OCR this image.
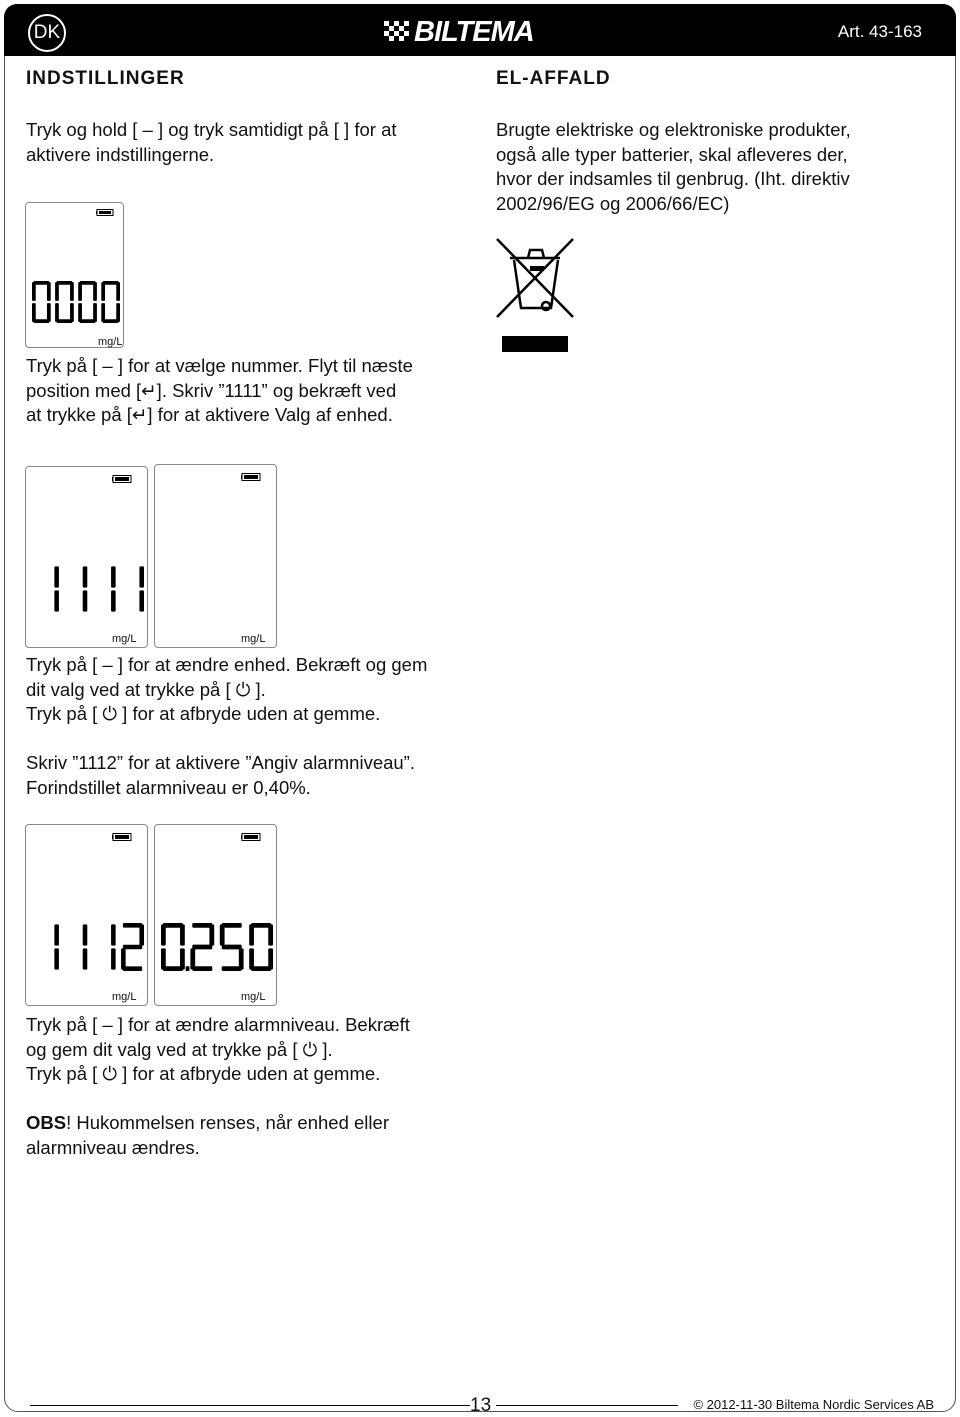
DK	BILTEMA	Art. 43-163
INDSTILLINGER

Tryk og hold [ – ] og tryk samtidigt på [ ] for at
aktivere indstillingerne.

mg/L

Tryk på [ – ] for at vælge nummer. Flyt til næste
position med [↵]. Skriv ”1111” og bekræft ved
at trykke på [↵] for at aktivere Valg af enhed.

mg/L	mg/L

Tryk på [ – ] for at ændre enhed. Bekræft og gem
dit valg ved at trykke på [ ⏻ ].
Tryk på [ ⏻ ] for at afbryde uden at gemme.

Skriv ”1112” for at aktivere ”Angiv alarmniveau”.
Forindstillet alarmniveau er 0,40%.

mg/L	mg/L

Tryk på [ – ] for at ændre alarmniveau. Bekræft
og gem dit valg ved at trykke på [ ⏻ ].
Tryk på [ ⏻ ] for at afbryde uden at gemme.

OBS! Hukommelsen renses, når enhed eller
alarmniveau ændres.

EL-AFFALD

Brugte elektriske og elektroniske produkter,
også alle typer batterier, skal afleveres der,
hvor der indsamles til genbrug. (Iht. direktiv
2002/96/EG og 2006/66/EC)

13	© 2012-11-30 Biltema Nordic Services AB
